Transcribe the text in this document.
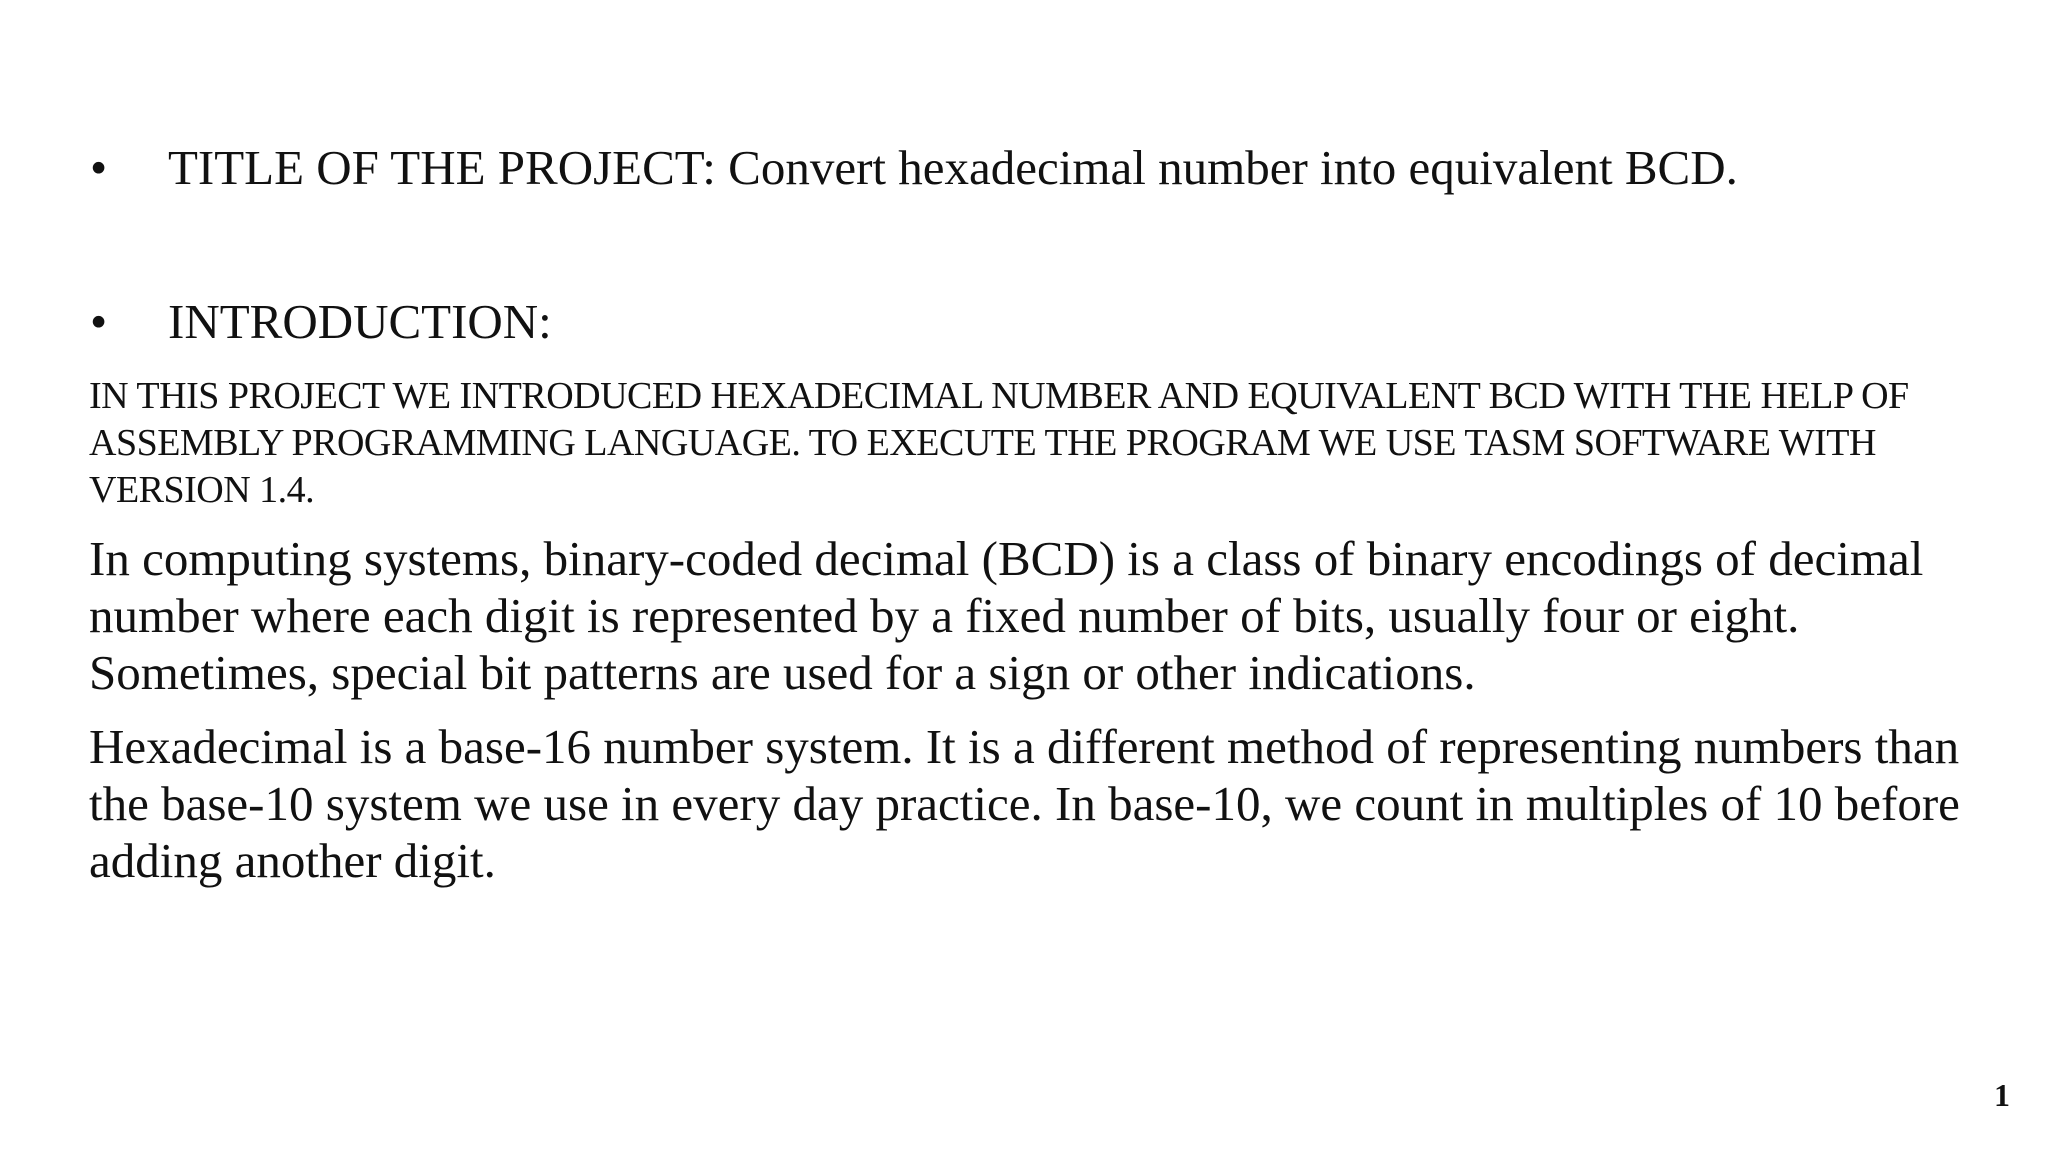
•	TITLE OF THE PROJECT: Convert hexadecimal number into equivalent BCD.
•	INTRODUCTION:

IN THIS PROJECT WE INTRODUCED HEXADECIMAL NUMBER AND EQUIVALENT BCD WITH THE HELP OF ASSEMBLY PROGRAMMING LANGUAGE. TO EXECUTE THE PROGRAM WE USE TASM SOFTWARE WITH VERSION 1.4.

In computing systems, binary-coded decimal (BCD) is a class of binary encodings of decimal number where each digit is represented by a fixed number of bits, usually four or eight. Sometimes, special bit patterns are used for a sign or other indications.

Hexadecimal is a base-16 number system. It is a different method of representing numbers than the base-10 system we use in every day practice. In base-10, we count in multiples of 10 before adding another digit.

1
